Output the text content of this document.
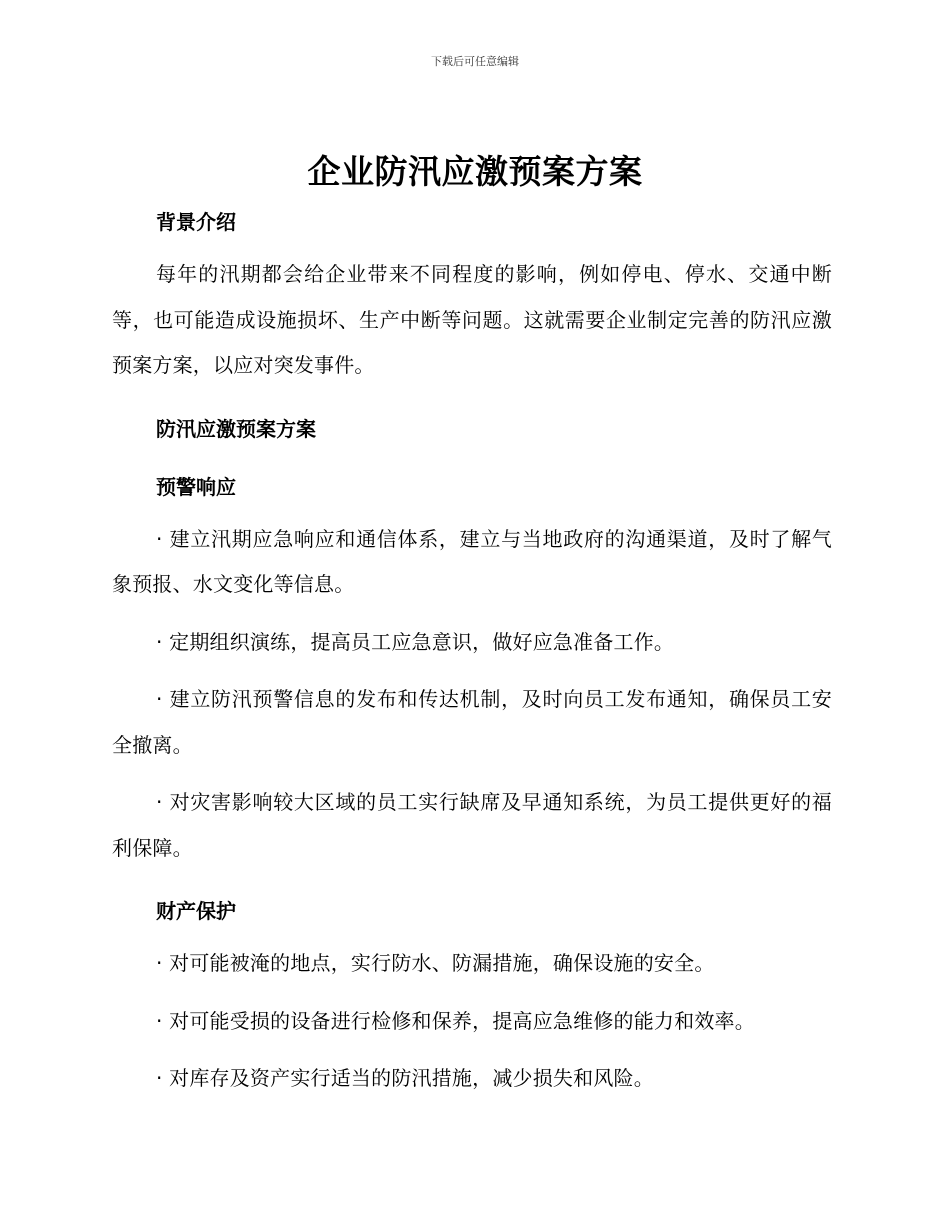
下载后可任意编辑
企业防汛应激预案方案
背景介绍

每年的汛期都会给企业带来不同程度的影响，例如停电、停水、交通中断等，也可能造成设施损坏、生产中断等问题。这就需要企业制定完善的防汛应激预案方案，以应对突发事件。

防汛应激预案方案
预警响应

· 建立汛期应急响应和通信体系，建立与当地政府的沟通渠道，及时了解气象预报、水文变化等信息。

· 定期组织演练，提高员工应急意识，做好应急准备工作。

· 建立防汛预警信息的发布和传达机制，及时向员工发布通知，确保员工安全撤离。

· 对灾害影响较大区域的员工实行缺席及早通知系统，为员工提供更好的福利保障。

财产保护

· 对可能被淹的地点，实行防水、防漏措施，确保设施的安全。

· 对可能受损的设备进行检修和保养，提高应急维修的能力和效率。

· 对库存及资产实行适当的防汛措施，减少损失和风险。
